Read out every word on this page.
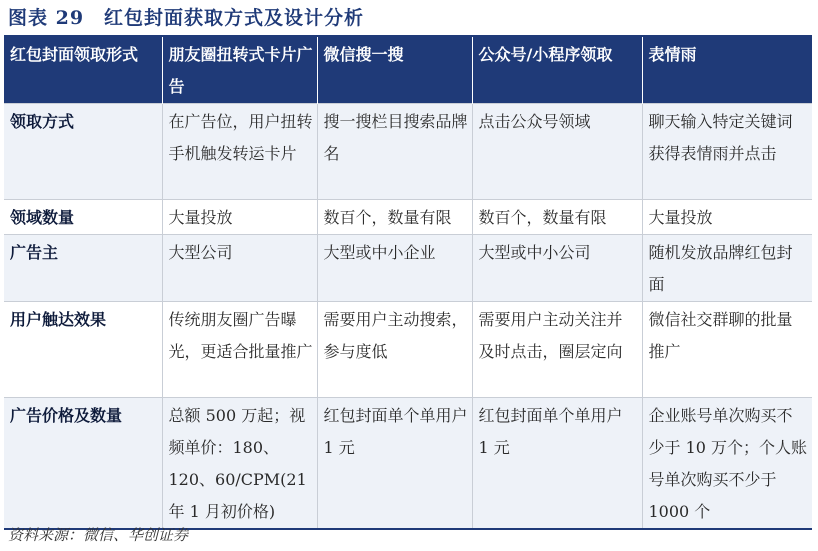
图表 29　红包封面获取方式及设计分析
红包封面领取形式	朋友圈扭转式卡片广告	微信搜一搜	公众号/小程序领取	表情雨
领取方式	在广告位，用户扭转手机触发转运卡片	搜一搜栏目搜索品牌名	点击公众号领域	聊天输入特定关键词获得表情雨并点击
领域数量	大量投放	数百个，数量有限	数百个，数量有限	大量投放
广告主	大型公司	大型或中小企业	大型或中小公司	随机发放品牌红包封面
用户触达效果	传统朋友圈广告曝光，更适合批量推广	需要用户主动搜索，参与度低	需要用户主动关注并及时点击，圈层定向	微信社交群聊的批量推广
广告价格及数量	总额 500 万起；视频单价：180、120、60/CPM(21 年 1 月初价格)	红包封面单个单用户 1 元	红包封面单个单用户 1 元	企业账号单次购买不少于 10 万个；个人账号单次购买不少于 1000 个
资料来源：微信、华创证券
